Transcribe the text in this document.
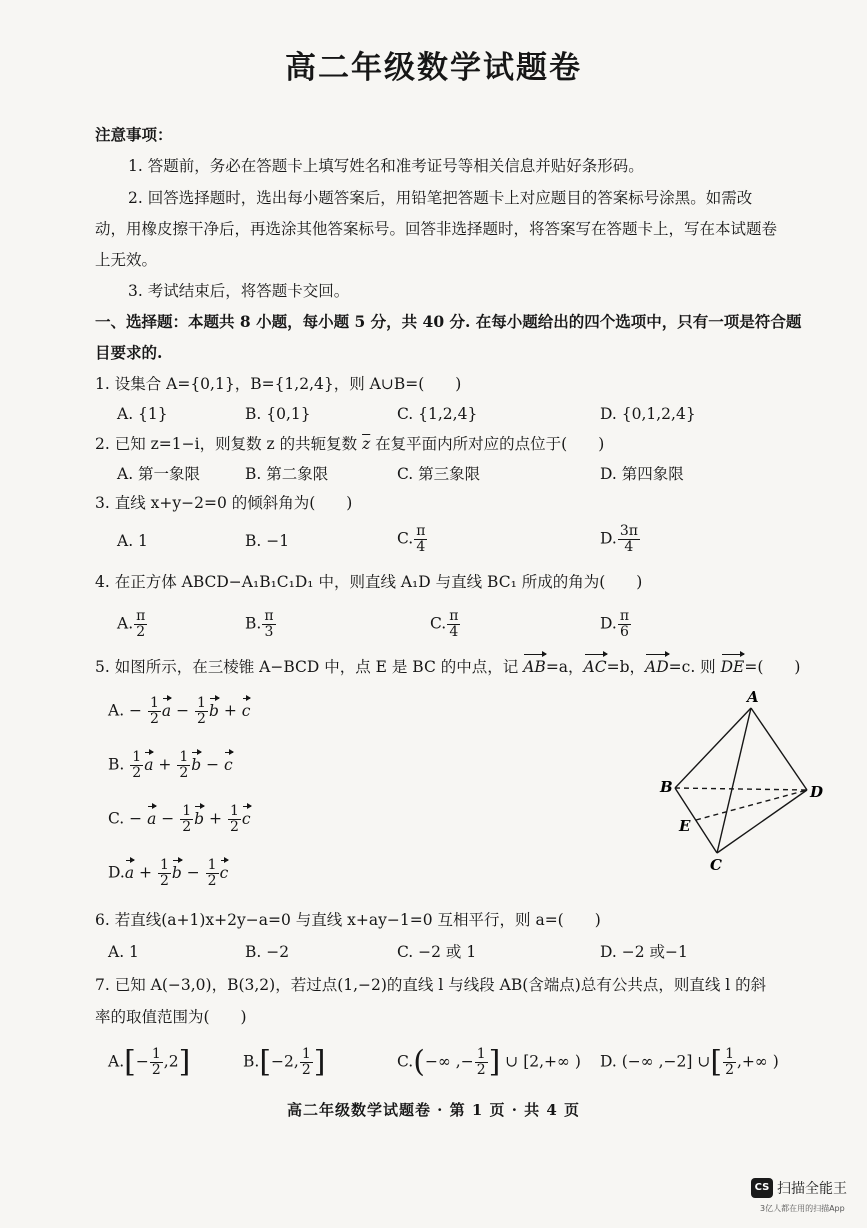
高二年级数学试题卷
注意事项：
1. 答题前，务必在答题卡上填写姓名和准考证号等相关信息并贴好条形码。
2. 回答选择题时，选出每小题答案后，用铅笔把答题卡上对应题目的答案标号涂黑。如需改
动，用橡皮擦干净后，再选涂其他答案标号。回答非选择题时，将答案写在答题卡上，写在本试题卷
上无效。
3. 考试结束后，将答题卡交回。
一、选择题：本题共 8 小题，每小题 5 分，共 40 分. 在每小题给出的四个选项中，只有一项是符合题
目要求的.
1. 设集合 A={0,1}，B={1,2,4}，则 A∪B=(　　)
A. {1}	B. {0,1}	C. {1,2,4}	D. {0,1,2,4}
2. 已知 z=1−i，则复数 z 的共轭复数 $\overline{z}$ 在复平面内所对应的点位于(　　)
A. 第一象限	B. 第二象限	C. 第三象限	D. 第四象限
3. 直线 x+y−2=0 的倾斜角为(　　)
A. 1	B. −1	C. $\frac{\pi}{4}$	D. $\frac{3\pi}{4}$
4. 在正方体 ABCD−A₁B₁C₁D₁ 中，则直线 A₁D 与直线 BC₁ 所成的角为(　　)
A. $\frac{\pi}{2}$	B. $\frac{\pi}{3}$	C. $\frac{\pi}{4}$	D. $\frac{\pi}{6}$
5. 如图所示，在三棱锥 A−BCD 中，点 E 是 BC 的中点，记 AB=a，AC=b，AD=c. 则 DE=(　　)
A. − $\frac{1}{2}$ $a - \frac{1}{2}$ b + c
B. $\frac{1}{2}$ $a + \frac{1}{2}$ b − c
C. − $a - \frac{1}{2}$ $b + \frac{1}{2}$ c
$D.a + \frac{1}{2}$ $b - \frac{1}{2}$ c
A
B
C
D
E
6. 若直线(a+1)x+2y−a=0 与直线 x+ay−1=0 互相平行，则 a=(　　)
A. 1	B. −2	C. −2 或 1	D. −2 或−1
7. 已知 A(−3,0)，B(3,2)，若过点(1,−2)的直线 l 与线段 AB(含端点)总有公共点，则直线 l 的斜
率的取值范围为(　　)
$A.[- \frac{1}{2} ,2]$	B.[−2, $\frac{1}{2}$ ]	C.(−∞ ,− $\frac{1}{2}$ ] ∪ [2,+∞ ) D. (−∞ ,−2] ∪[ $\frac{1}{2}$ ,+∞ )
高二年级数学试题卷 · 第 1 页 · 共 4 页
CS 扫描全能王
3亿人都在用的扫描App
